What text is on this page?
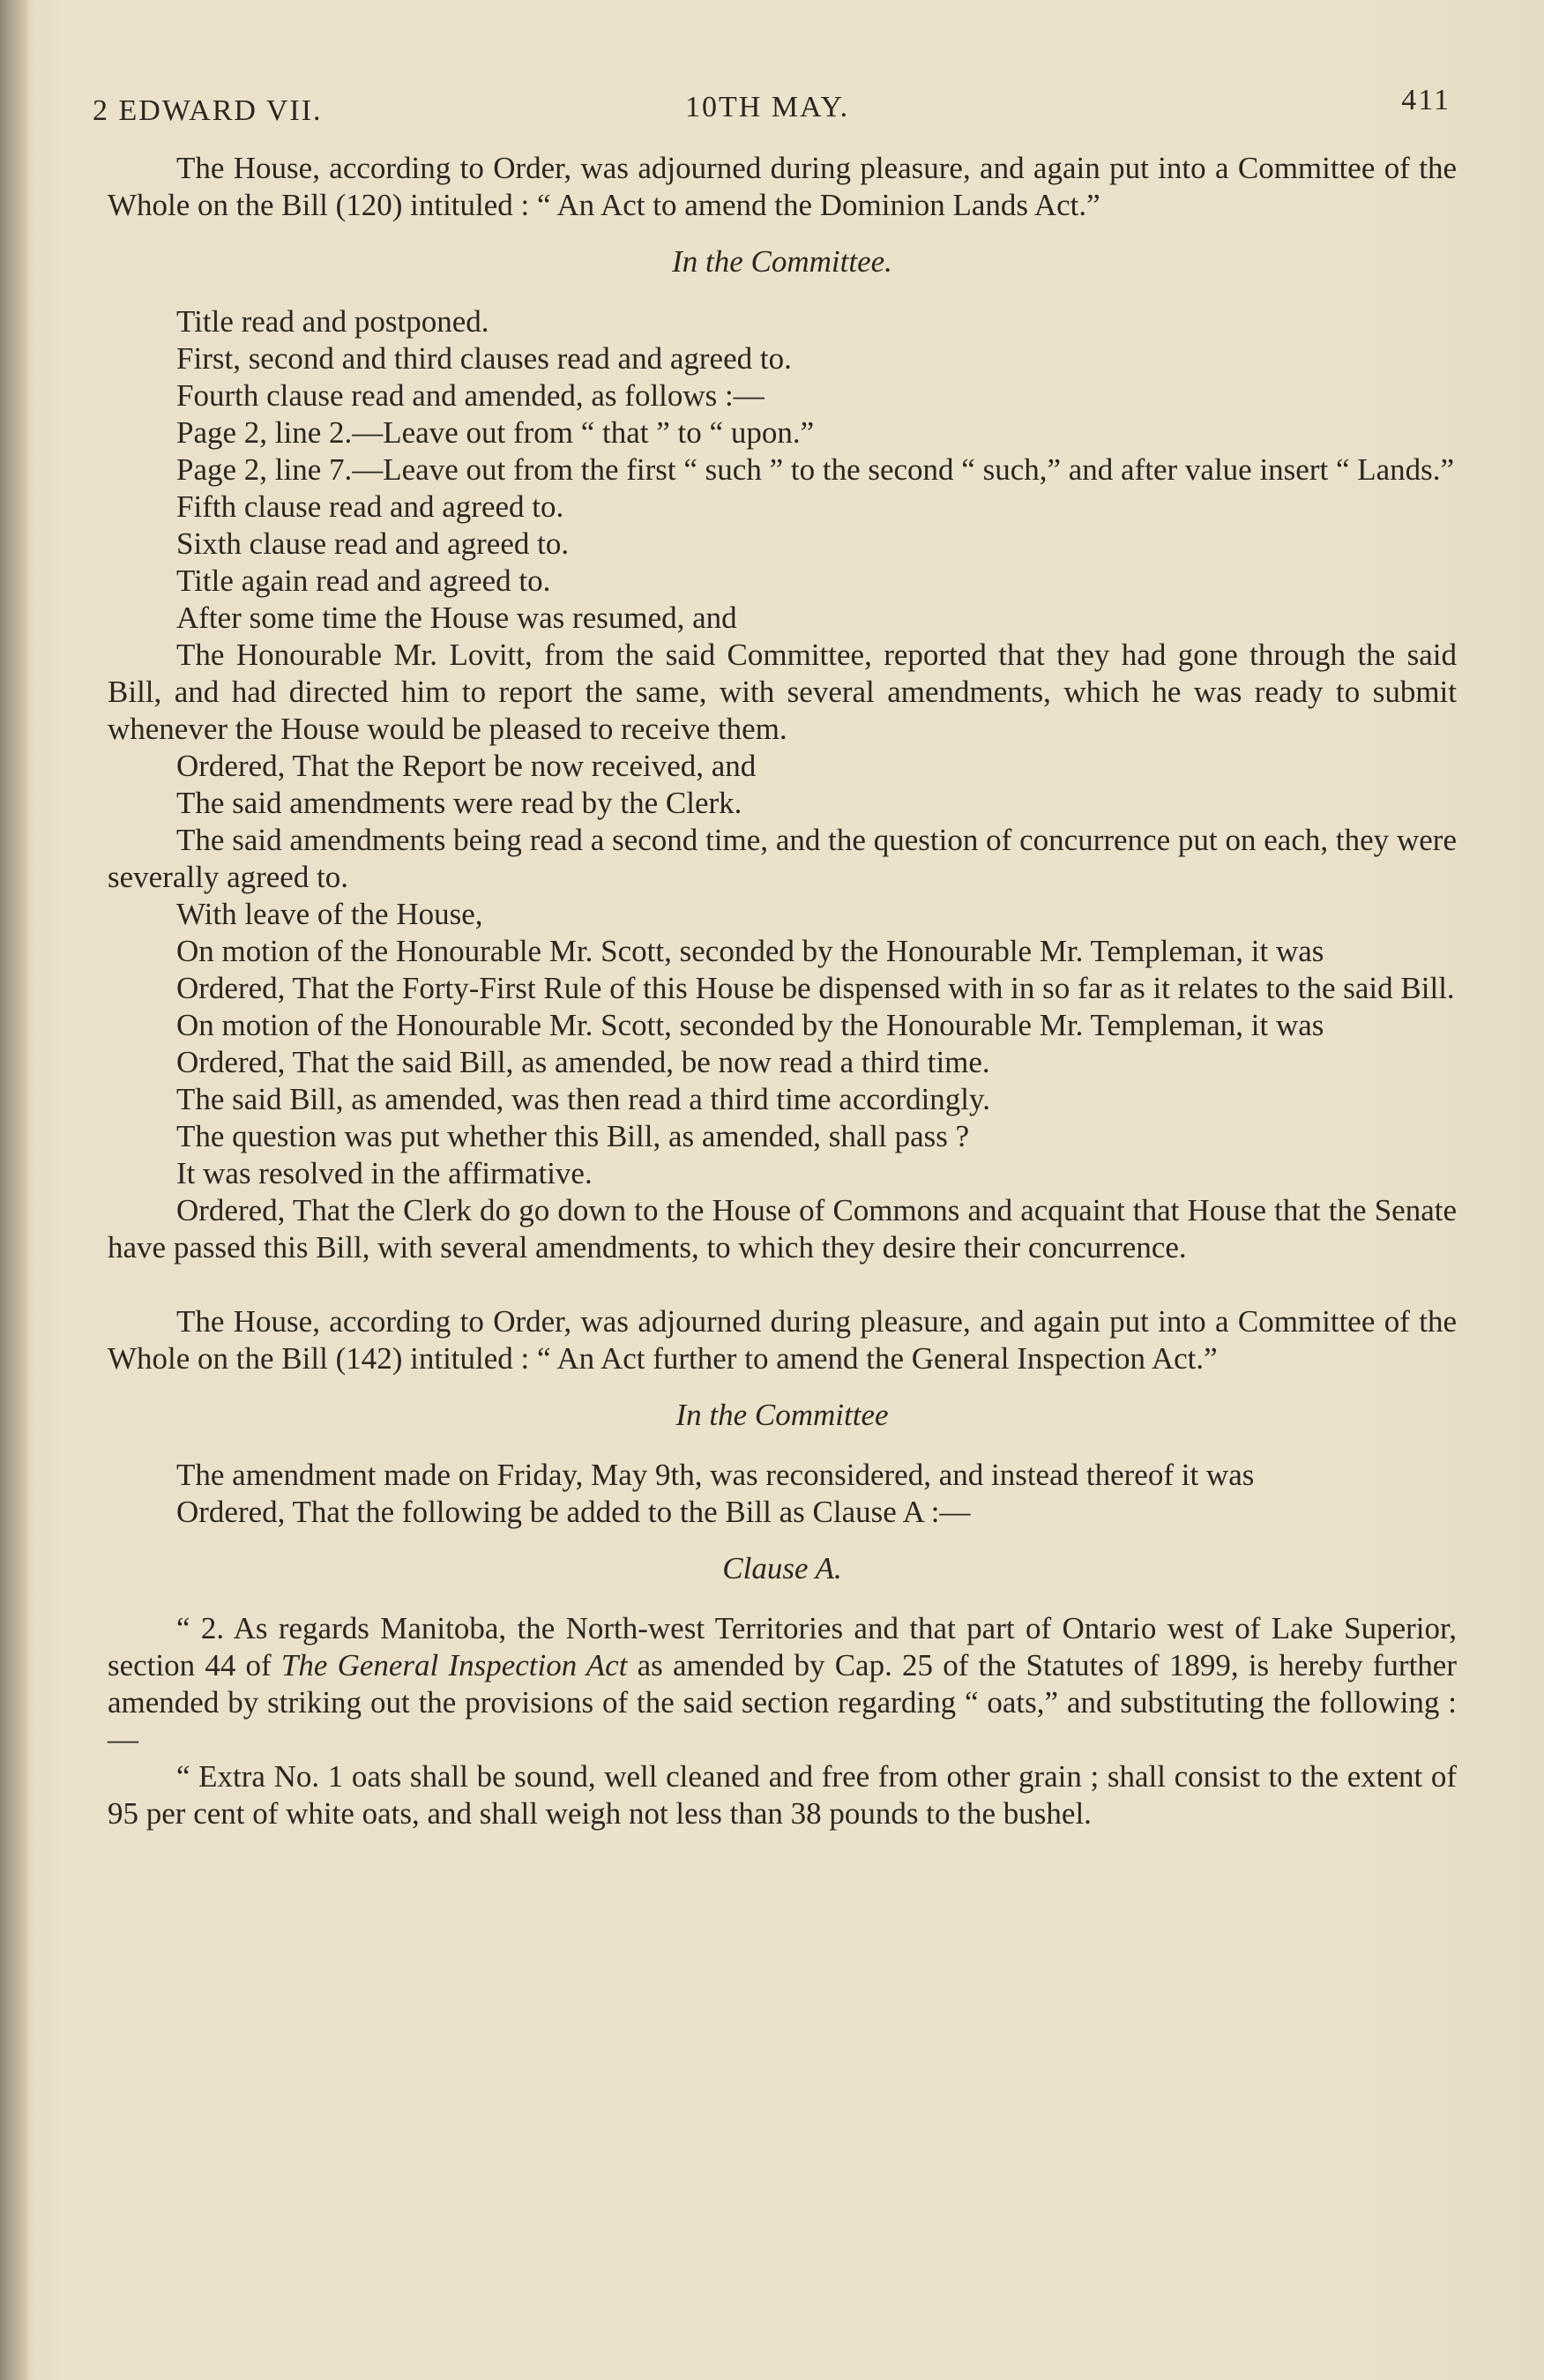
2 EDWARD VII.	10TH MAY.	411

The House, according to Order, was adjourned during pleasure, and again put into a Committee of the Whole on the Bill (120) intituled : “ An Act to amend the Dominion Lands Act.”

In the Committee.

Title read and postponed.

First, second and third clauses read and agreed to.

Fourth clause read and amended, as follows :—

Page 2, line 2.—Leave out from “ that ” to “ upon.”

Page 2, line 7.—Leave out from the first “ such ” to the second “ such,” and after value insert “ Lands.”

Fifth clause read and agreed to.

Sixth clause read and agreed to.

Title again read and agreed to.

After some time the House was resumed, and

The Honourable Mr. Lovitt, from the said Committee, reported that they had gone through the said Bill, and had directed him to report the same, with several amendments, which he was ready to submit whenever the House would be pleased to receive them.

Ordered, That the Report be now received, and

The said amendments were read by the Clerk.

The said amendments being read a second time, and the question of concurrence put on each, they were severally agreed to.

With leave of the House,

On motion of the Honourable Mr. Scott, seconded by the Honourable Mr. Templeman, it was

Ordered, That the Forty-First Rule of this House be dispensed with in so far as it relates to the said Bill.

On motion of the Honourable Mr. Scott, seconded by the Honourable Mr. Templeman, it was

Ordered, That the said Bill, as amended, be now read a third time.

The said Bill, as amended, was then read a third time accordingly.

The question was put whether this Bill, as amended, shall pass ?

It was resolved in the affirmative.

Ordered, That the Clerk do go down to the House of Commons and acquaint that House that the Senate have passed this Bill, with several amendments, to which they desire their concurrence.

The House, according to Order, was adjourned during pleasure, and again put into a Committee of the Whole on the Bill (142) intituled : “ An Act further to amend the General Inspection Act.”

In the Committee

The amendment made on Friday, May 9th, was reconsidered, and instead thereof it was

Ordered, That the following be added to the Bill as Clause A :—

Clause A.

“ 2. As regards Manitoba, the North-west Territories and that part of Ontario west of Lake Superior, section 44 of The General Inspection Act as amended by Cap. 25 of the Statutes of 1899, is hereby further amended by striking out the provisions of the said section regarding “ oats,” and substituting the following :—

“ Extra No. 1 oats shall be sound, well cleaned and free from other grain ; shall consist to the extent of 95 per cent of white oats, and shall weigh not less than 38 pounds to the bushel.
